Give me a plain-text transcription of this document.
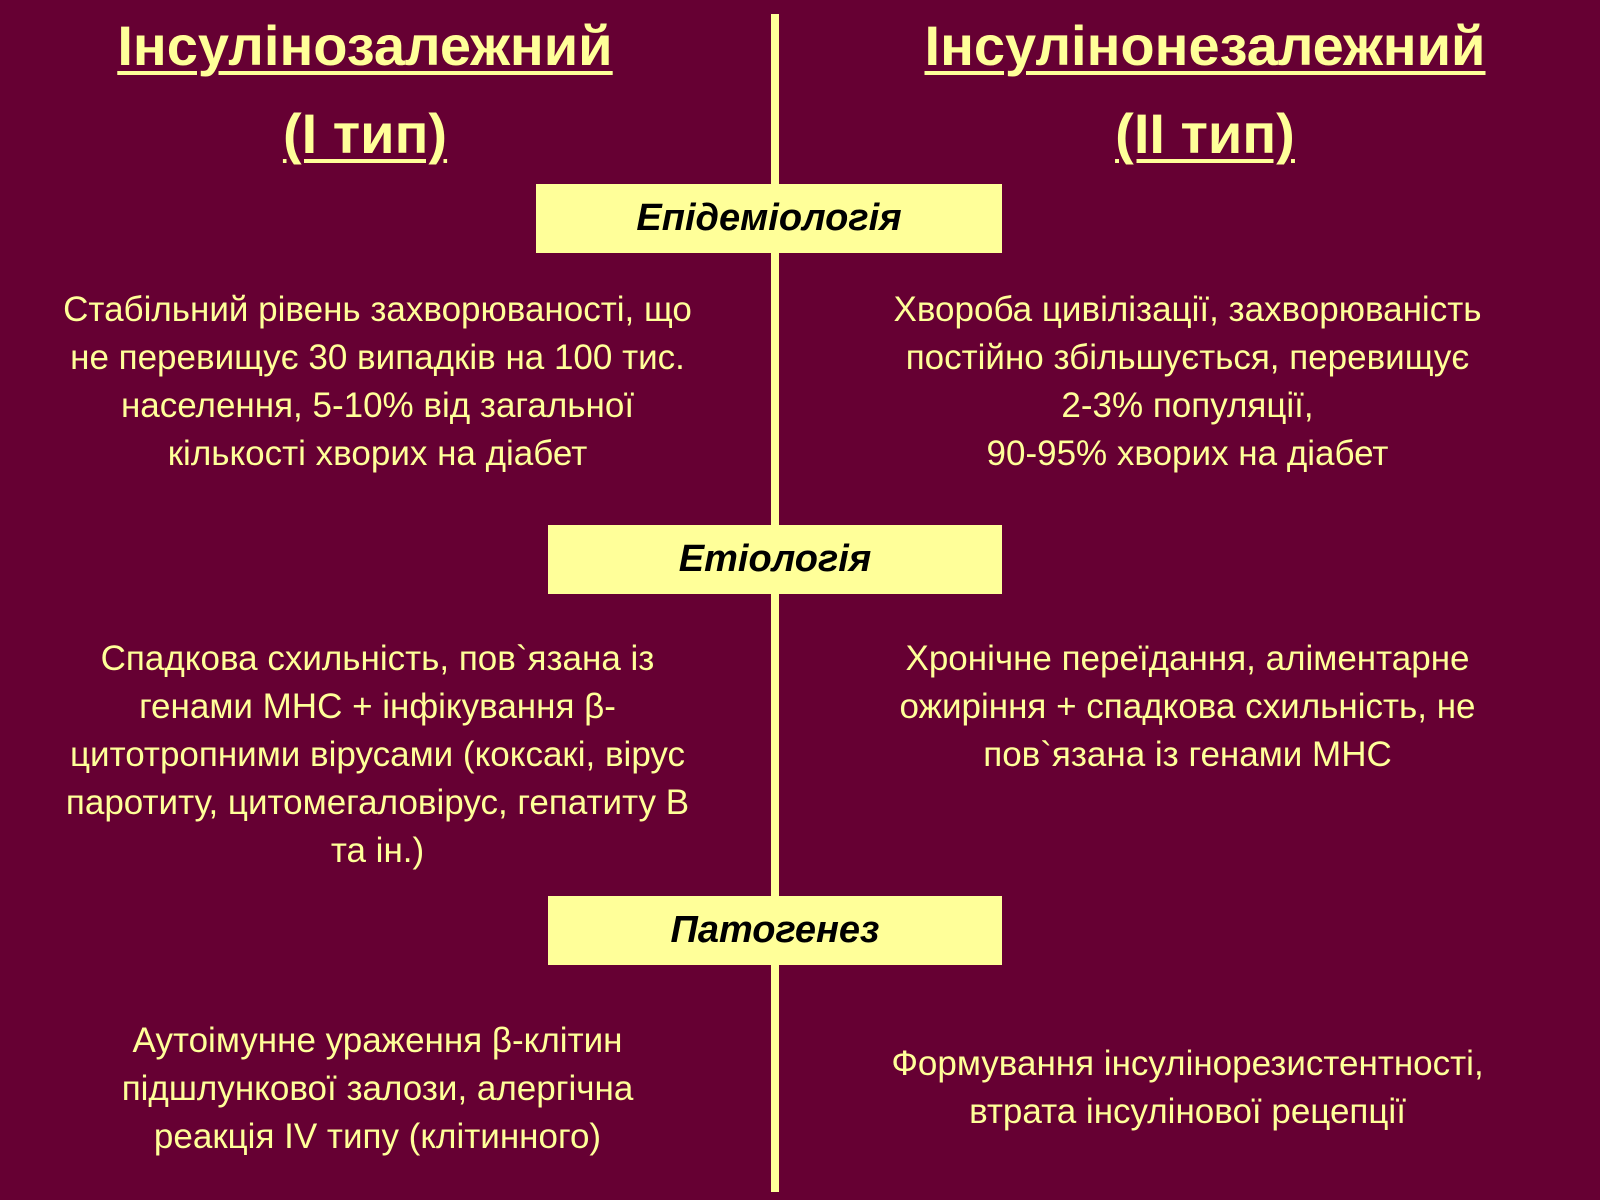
Інсулінозалежний
(І тип)
Інсулінонезалежний
(ІІ тип)
Епідеміологія
Стабільний рівень захворюваності, що
не перевищує 30 випадків на 100 тис.
населення, 5-10% від загальної
кількості хворих на діабет
Хвороба цивілізації, захворюваність
постійно збільшується, перевищує
2-3% популяції,
90-95% хворих на діабет
Етіологія
Спадкова схильність, пов`язана із
генами МНС + інфікування β-
цитотропними вірусами (коксакі, вірус
паротиту, цитомегаловірус, гепатиту В
та ін.)
Хронічне переїдання, аліментарне
ожиріння + спадкова схильність, не
пов`язана із генами МНС
Патогенез
Аутоімунне ураження β-клітин
підшлункової залози, алергічна
реакція IV типу (клітинного)
Формування інсулінорезистентності,
втрата інсулінової рецепції
